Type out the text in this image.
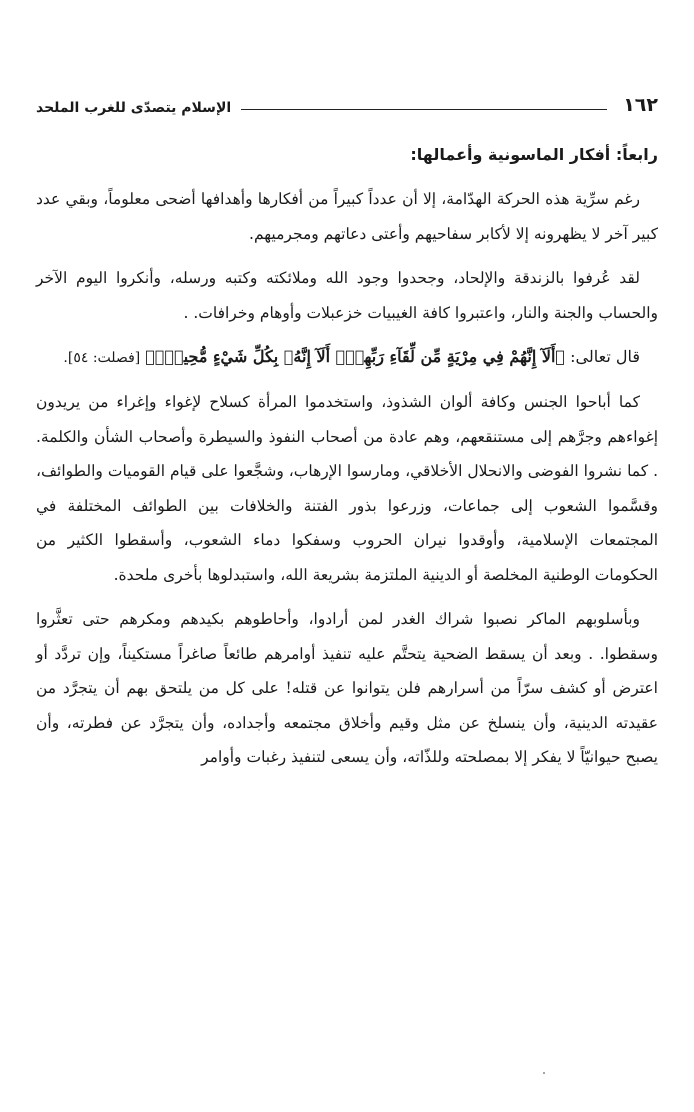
١٦٢
الإسلام يتصدّى للغرب الملحد
رابعاً: أفكار الماسونية وأعمالها:

رغم سرِّية هذه الحركة الهدّامة، إلا أن عدداً كبيراً من أفكارها وأهدافها أضحى معلوماً، وبقي عدد كبير آخر لا يظهرونه إلا لأكابر سفاحيهم وأعتى دعاتهم ومجرميهم.

لقد عُرفوا بالزندقة والإلحاد، وجحدوا وجود الله وملائكته وكتبه ورسله، وأنكروا اليوم الآخر والحساب والجنة والنار، واعتبروا كافة الغيبيات خزعبلات وأوهام وخرافات. .

قال تعالى: ﴿أَلَآ إِنَّهُمْ فِي مِرْيَةٍ مِّن لِّقَآءِ رَبِّهِمْۗ أَلَآ إِنَّهُۥ بِكُلِّ شَيْءٍ مُّحِيطُۢ﴾ [فصلت: ٥٤].

كما أباحوا الجنس وكافة ألوان الشذوذ، واستخدموا المرأة كسلاح لإغواء وإغراء من يريدون إغواءهم وجرَّهم إلى مستنقعهم، وهم عادة من أصحاب النفوذ والسيطرة وأصحاب الشأن والكلمة. . كما نشروا الفوضى والانحلال الأخلاقي، ومارسوا الإرهاب، وشجَّعوا على قيام القوميات والطوائف، وقسَّموا الشعوب إلى جماعات، وزرعوا بذور الفتنة والخلافات بين الطوائف المختلفة في المجتمعات الإسلامية، وأوقدوا نيران الحروب وسفكوا دماء الشعوب، وأسقطوا الكثير من الحكومات الوطنية المخلصة أو الدينية الملتزمة بشريعة الله، واستبدلوها بأخرى ملحدة.

وبأسلوبهم الماكر نصبوا شراك الغدر لمن أرادوا، وأحاطوهم بكيدهم ومكرهم حتى تعثَّروا وسقطوا. . وبعد أن يسقط الضحية يتحتَّم عليه تنفيذ أوامرهم طائعاً صاغراً مستكيناً، وإن تردَّد أو اعترض أو كشف سرّاً من أسرارهم فلن يتوانوا عن قتله! على كل من يلتحق بهم أن يتجرَّد من عقيدته الدينية، وأن ينسلخ عن مثل وقيم وأخلاق مجتمعه وأجداده، وأن يتجرَّد عن فطرته، وأن يصبح حيوانيّاً لا يفكر إلا بمصلحته وللذّاته، وأن يسعى لتنفيذ رغبات وأوامر
